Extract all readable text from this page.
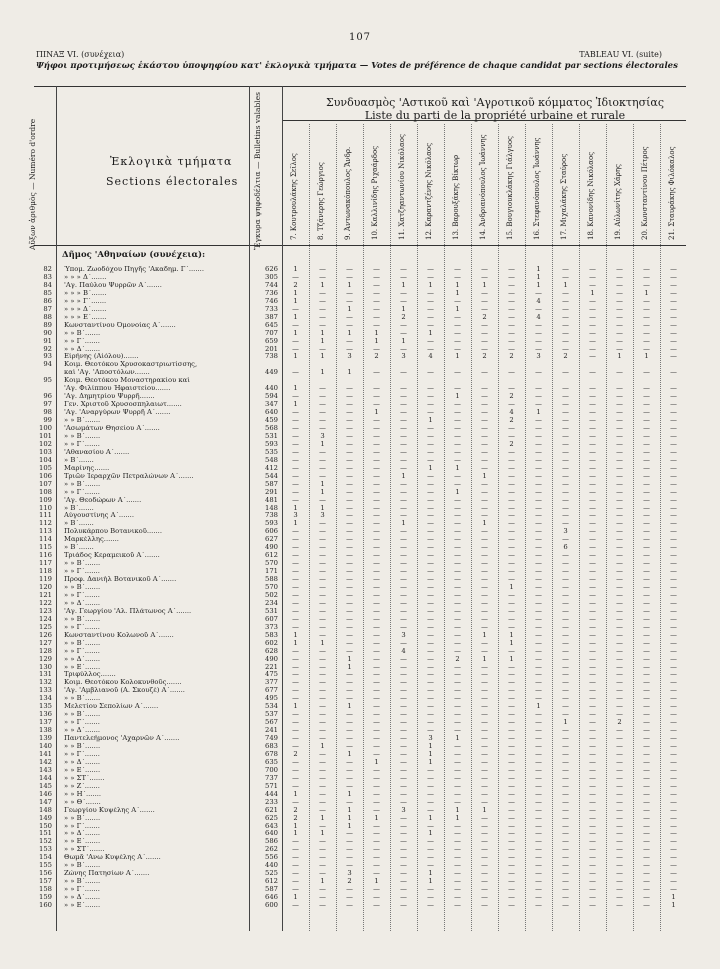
107
ΠΙΝΑΞ VI. (συνέχεια)	TABLEAU VI. (suite)
Ψήφοι προτιμήσεως ἑκάστου ὑποψηφίου κατ' ἐκλογικὰ τμήματα — Votes de préférence de chaque candidat par sections électorales
Αὔξων ἀριθμὸς — Numéro d'ordre	Ἐκλογικὰ τμήματα
Sections électorales Ἔγκυρα ψηφοδέλτια — Bulletins valables	Συνδυασμὸς 'Αστικοῦ καὶ 'Αγροτικοῦ κόμματος Ἰδιοκτησίας
Liste du parti de la propriété urbaine et rurale
7. Κουτρουλάκης Σεῖλος	8. Τζάνερης Γεώργιος	9. Ἀντωνακόπουλος Ἄνδρ.	10. Καλλινίδης Ριχαάρδος	11. Χατζηαντωνίου Νικόλαος	12. Καραντζένης Νικόλαος	13. Βαρουξάκης Βίκτωρ	14. Ἀνδριανόπουλος Ἰωάννης	15. Βουγιουκλάκης Γιάλγυος	16. Στεφανόπουλος Ἰωάννης	17. Μιχαλάκης Σταύρος	18. Κανονίδης Νικόλαος	19. Αὐλωνίτης Χάρης	20. Κωνσταντίνου Πέτρος	21. Σταυράκης Φιλόκαλος
Δῆμος 'Αθηναίων (συνέχεια):
82 Ὑπομ. Ζωοδόχου Πηγῆς 'Ακαδημ. Γ΄.......	626	1	—	—	—	—	—	—	—	—	1	—	—	—	—	—
83 » » » Δ΄.......	305	—	—	—	—	—	—	—	—	—	1	—	—	—	—	—
84 'Αγ. Παύλου Ψυρρῶν Α΄.......	744	2	1	1	—	1	1	1	1	—	1	1	—	—	—	—
85 » » » Β΄.......	736	1	—	—	—	—	—	1	—	—	—	—	1	—	1	—
86 » » » Γ΄.......	746	1	—	—	—	—	—	—	—	—	4	—	—	—	—	—
87 » » » Δ΄.......	733	—	—	1	—	1	—	1	—	—	—	—	—	—	—	—
88 » » » Ε΄.......	387	1	—	—	—	2	—	—	2	—	4	—	—	—	—	—
89 Κωνσταντίνου Ὀμονοίας Α΄.......	645	—	—	—	—	—	—	—	—	—	—	—	—	—	—	—
90 » » Β΄.......	707	1	1	1	1	—	1	—	—	—	—	—	—	—	—	—
91 » » Γ΄.......	659	—	1	—	1	1	—	—	—	—	—	—	—	—	—	—
92 » » Δ΄.......	201	—	—	—	—	—	—	—	—	—	—	—	—	—	—	—
93 Εἰρήνης (Αἰόλου).......	738	1	1	3	2	3	4	1	2	2	3	2	—	1	1	—
94 Κοιμ. Θεοτόκου Χρυσοκαστριωτίσσης,
καὶ 'Αγ. 'Αποστόλων.......	449	—	1	1	—	—	—	—	—	—	—	—	—	—	—	—
95 Κοιμ. Θεοτόκου Μοναστηρακίου καὶ
'Αγ. Φιλίππου Ἡφαιστείου.......	440	1	—	—	—	—	—	—	—	—	—	—	—	—	—	—
96 'Αγ. Δημητρίου Ψυρρῆ.......	594	—	—	—	—	—	—	1	—	2	—	—	—	—	—	—
97 Γεν. Χριστοῦ Χρυσοσπηλαιωτ.......	347	1	—	—	—	—	—	—	—	—	—	—	—	—	—	—
98 'Αγ. 'Αναργύρων Ψυρρῆ Α΄.......	640	—	—	—	1	—	—	—	—	4	1	—	—	—	—	—
99 » » Β΄.......	459	—	—	—	—	—	1	—	—	2	—	—	—	—	—	—
100 'Ασωμάτων Θησείου Α΄.......	568	—	—	—	—	—	—	—	—	—	—	—	—	—	—	—
101 » » Β΄.......	531	—	3	—	—	—	—	—	—	—	—	—	—	—	—	—
102 » » Γ΄.......	593	—	1	—	—	—	—	—	—	2	—	—	—	—	—	—
103 'Αθανασίου Α΄.......	535	—	—	—	—	—	—	—	—	—	—	—	—	—	—	—
104 » Β΄.......	548	—	—	—	—	—	—	—	—	—	—	—	—	—	—	—
105 Μαρίνης.......	412	—	—	—	—	—	1	1	—	—	—	—	—	—	—	—
106 Τριῶν Ἱεραρχῶν Πετραλώνων Α΄.......	544	—	—	—	—	1	—	—	1	—	—	—	—	—	—	—
107 » » Β΄.......	587	—	1	—	—	—	—	—	—	—	—	—	—	—	—	—
108 » » Γ΄.......	291	—	1	—	—	—	—	1	—	—	—	—	—	—	—	—
109 'Αγ. Θεοδώρων Α΄.......	481	—	—	—	—	—	—	—	—	—	—	—	—	—	—	—
110 » Β΄.......	148	1	1	—	—	—	—	—	—	—	—	—	—	—	—	—
111 Αὐγουστίνης Α΄.......	738	3	3	—	—	—	—	—	—	—	—	—	—	—	—	—
112 » Β΄.......	593	1	—	—	—	1	—	—	1	—	—	—	—	—	—	—
113 Πολυκάρπου Βοτανικοῦ.......	606	—	—	—	—	—	—	—	—	—	—	3	—	—	—	—
114 Μαρκέλλης.......	627	—	—	—	—	—	—	—	—	—	—	—	—	—	—	—
115 » Β΄.......	490	—	—	—	—	—	—	—	—	—	—	6	—	—	—	—
116 Τριάδος Κεραμεικοῦ Α΄.......	612	—	—	—	—	—	—	—	—	—	—	—	—	—	—	—
117 » » Β΄.......	570	—	—	—	—	—	—	—	—	—	—	—	—	—	—	—
118 » » Γ΄.......	171	—	—	—	—	—	—	—	—	—	—	—	—	—	—	—
119 Προφ. Δανιὴλ Βοτανικοῦ Α΄.......	588	—	—	—	—	—	—	—	—	—	—	—	—	—	—	—
120 » » Β΄.......	570	—	—	—	—	—	—	—	—	1	—	—	—	—	—	—
121 » » Γ΄.......	502	—	—	—	—	—	—	—	—	—	—	—	—	—	—	—
122 » » Δ΄.......	234	—	—	—	—	—	—	—	—	—	—	—	—	—	—	—
123 'Αγ. Γεωργίου 'Αλ. Πλάτωνος Α΄.......	531	—	—	—	—	—	—	—	—	—	—	—	—	—	—	—
124 » » Β΄.......	607	—	—	—	—	—	—	—	—	—	—	—	—	—	—	—
125 » » Γ΄.......	373	—	—	—	—	—	—	—	—	—	—	—	—	—	—	—
126 Κωνσταντίνου Κολωνοῦ Α΄.......	583	1	—	—	—	3	—	—	1	1	—	—	—	—	—	—
127 » » Β΄.......	602	1	1	—	—	—	—	—	—	1	—	—	—	—	—	—
128 » » Γ΄.......	628	—	—	—	—	4	—	—	—	—	—	—	—	—	—	—
129 » » Δ΄.......	490	—	—	1	—	—	—	2	1	1	—	—	—	—	—	—
130 » » Ε΄.......	221	—	—	1	—	—	—	—	—	—	—	—	—	—	—	—
131 Τριφύλλος.......	475	—	—	—	—	—	—	—	—	—	—	—	—	—	—	—
132 Κοιμ. Θεοτόκου Κολοκυνθοῦς.......	377	—	—	—	—	—	—	—	—	—	—	—	—	—	—	—
133 'Αγ. 'Αμβλιανοῦ (Α. Σκουζέ) Α΄.......	677	—	—	—	—	—	—	—	—	—	—	—	—	—	—	—
134 » » Β΄.......	495	—	—	—	—	—	—	—	—	—	—	—	—	—	—	—
135 Μελετίου Σεπολίων Α΄.......	534	1	—	1	—	—	—	—	—	—	1	—	—	—	—	—
136 » » Β΄.......	537	—	—	—	—	—	—	—	—	—	—	—	—	—	—	—
137 » » Γ΄.......	567	—	—	—	—	—	—	—	—	—	—	1	—	2	—	—
138 » » Δ΄.......	241	—	—	—	—	—	—	—	—	—	—	—	—	—	—	—
139 Παντελεήμονος 'Αχαρνῶν Α΄.......	749	—	—	—	—	—	3	1	—	—	—	—	—	—	—	—
140 » » Β΄.......	683	—	1	—	—	—	1	—	—	—	—	—	—	—	—	—
141 » » Γ΄.......	678	2	—	1	—	—	1	—	—	—	—	—	—	—	—	—
142 » » Δ΄.......	635	—	—	—	1	—	1	—	—	—	—	—	—	—	—	—
143 » » Ε΄.......	700	—	—	—	—	—	—	—	—	—	—	—	—	—	—	—
144 » » ΣΤ΄.......	737	—	—	—	—	—	—	—	—	—	—	—	—	—	—	—
145 » » Ζ΄.......	571	—	—	—	—	—	—	—	—	—	—	—	—	—	—	—
146 » » Η΄.......	444	1	—	1	—	—	—	—	—	—	—	—	—	—	—	—
147 » » Θ΄.......	233	—	—	—	—	—	—	—	—	—	—	—	—	—	—	—
148 Γεωργίου Κυψέλης Α΄.......	621	2	—	1	—	3	—	1	1	—	—	—	—	—	—	—
149 » » Β΄.......	625	2	1	1	1	—	1	1	—	—	—	—	—	—	—	—
150 » » Γ΄.......	643	1	—	1	—	—	—	—	—	—	—	—	—	—	—	—
151 » » Δ΄.......	640	1	1	—	—	—	1	—	—	—	—	—	—	—	—	—
152 » » Ε΄.......	586	—	—	—	—	—	—	—	—	—	—	—	—	—	—	—
153 » » ΣΤ΄.......	262	—	—	—	—	—	—	—	—	—	—	—	—	—	—	—
154 Θωμᾶ 'Ανω Κυψέλης Α΄.......	556	—	—	—	—	—	—	—	—	—	—	—	—	—	—	—
155 » » Β΄.......	440	—	—	—	—	—	—	—	—	—	—	—	—	—	—	—
156 Ζώνης Πατησίων Α΄.......	525	—	—	3	—	—	1	—	—	—	—	—	—	—	—	—
157 » » Β΄.......	612	—	1	2	1	—	1	—	—	—	—	—	—	—	—	—
158 » » Γ΄.......	587	—	—	—	—	—	—	—	—	—	—	—	—	—	—	—
159 » » Δ΄.......	646	1	—	—	—	—	—	—	—	—	—	—	—	—	—	1
160 » » Ε΄.......	600	—	—	—	—	—	—	—	—	—	—	—	—	—	—	1
